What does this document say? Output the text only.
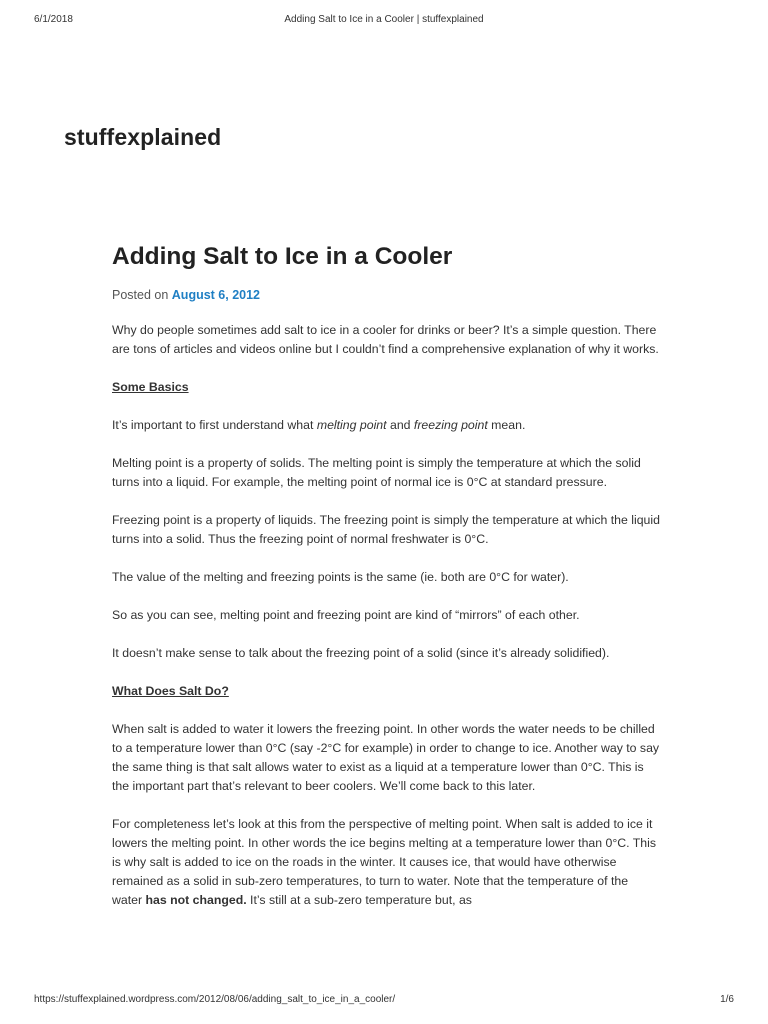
6/1/2018	Adding Salt to Ice in a Cooler | stuffexplained
stuffexplained
Adding Salt to Ice in a Cooler
Posted on August 6, 2012

Why do people sometimes add salt to ice in a cooler for drinks or beer? It’s a simple question. There are tons of articles and videos online but I couldn’t find a comprehensive explanation of why it works.

Some Basics

It’s important to first understand what melting point and freezing point mean.

Melting point is a property of solids. The melting point is simply the temperature at which the solid turns into a liquid. For example, the melting point of normal ice is 0°C at standard pressure.

Freezing point is a property of liquids. The freezing point is simply the temperature at which the liquid turns into a solid. Thus the freezing point of normal freshwater is 0°C.

The value of the melting and freezing points is the same (ie. both are 0°C for water).

So as you can see, melting point and freezing point are kind of “mirrors” of each other.

It doesn’t make sense to talk about the freezing point of a solid (since it’s already solidified).

What Does Salt Do?

When salt is added to water it lowers the freezing point. In other words the water needs to be chilled to a temperature lower than 0°C (say -2°C for example) in order to change to ice. Another way to say the same thing is that salt allows water to exist as a liquid at a temperature lower than 0°C. This is the important part that’s relevant to beer coolers. We’ll come back to this later.

For completeness let’s look at this from the perspective of melting point. When salt is added to ice it lowers the melting point. In other words the ice begins melting at a temperature lower than 0°C. This is why salt is added to ice on the roads in the winter. It causes ice, that would have otherwise remained as a solid in sub-zero temperatures, to turn to water. Note that the temperature of the water has not changed. It’s still at a sub-zero temperature but, as

https://stuffexplained.wordpress.com/2012/08/06/adding_salt_to_ice_in_a_cooler/	1/6
